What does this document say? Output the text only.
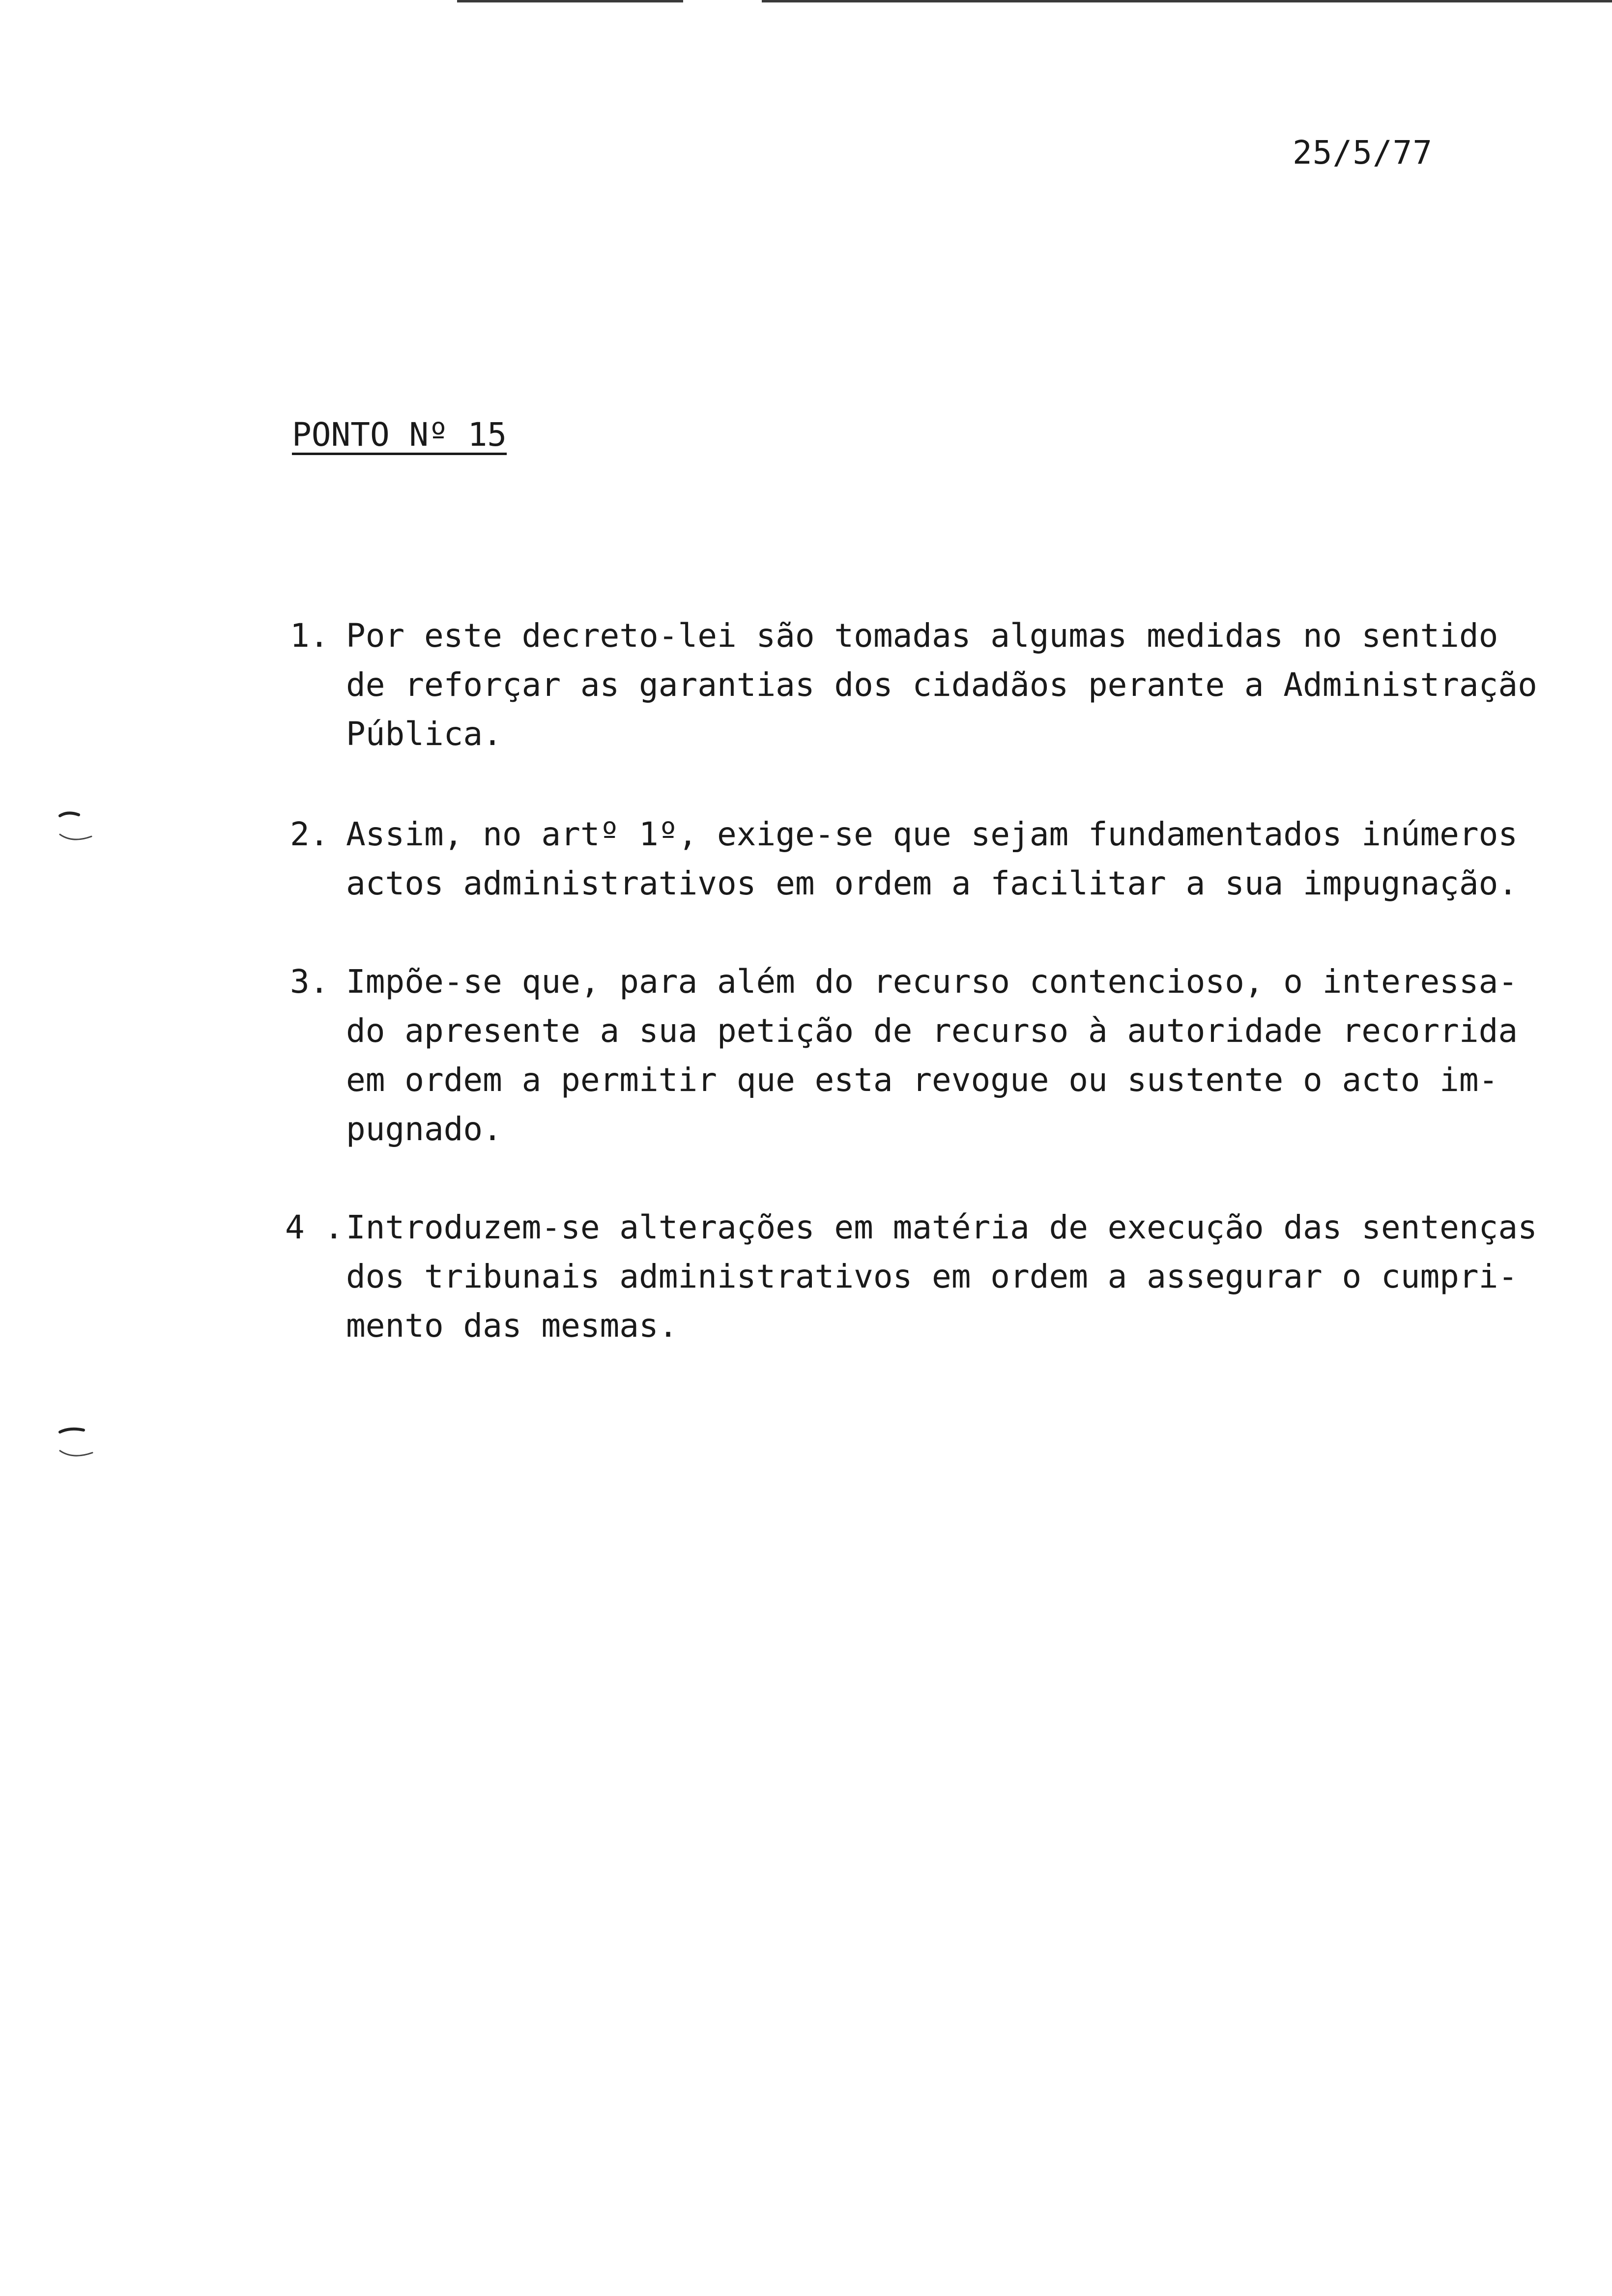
25/5/77
PONTO Nº 15
1. Por este decreto-lei são tomadas algumas medidas no sentido
de reforçar as garantias dos cidadãos perante a Administração
Pública.
2. Assim, no artº 1º, exige-se que sejam fundamentados inúmeros
actos administrativos em ordem a facilitar a sua impugnação.
3. Impõe-se que, para além do recurso contencioso, o interessa-
do apresente a sua petição de recurso à autoridade recorrida
em ordem a permitir que esta revogue ou sustente o acto im-
pugnado.
4 . Introduzem-se alterações em matéria de execução das sentenças
dos tribunais administrativos em ordem a assegurar o cumpri-
mento das mesmas.
